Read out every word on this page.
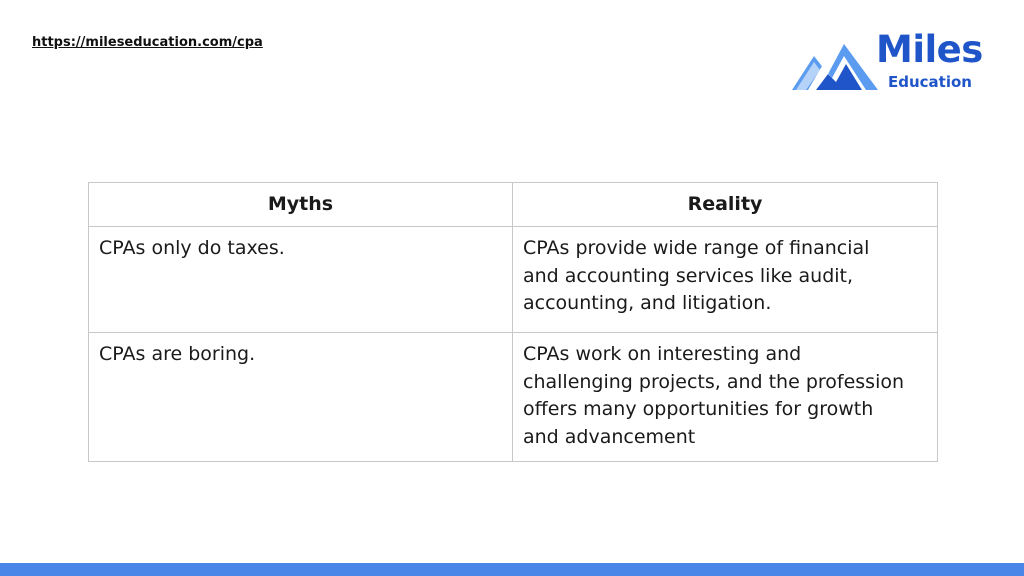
https://mileseducation.com/cpa	Miles
Education
Myths	Reality
CPAs only do taxes.	CPAs provide wide range of financial
and accounting services like audit,
accounting, and litigation.
CPAs are boring.	CPAs work on interesting and
challenging projects, and the profession
offers many opportunities for growth
and advancement
